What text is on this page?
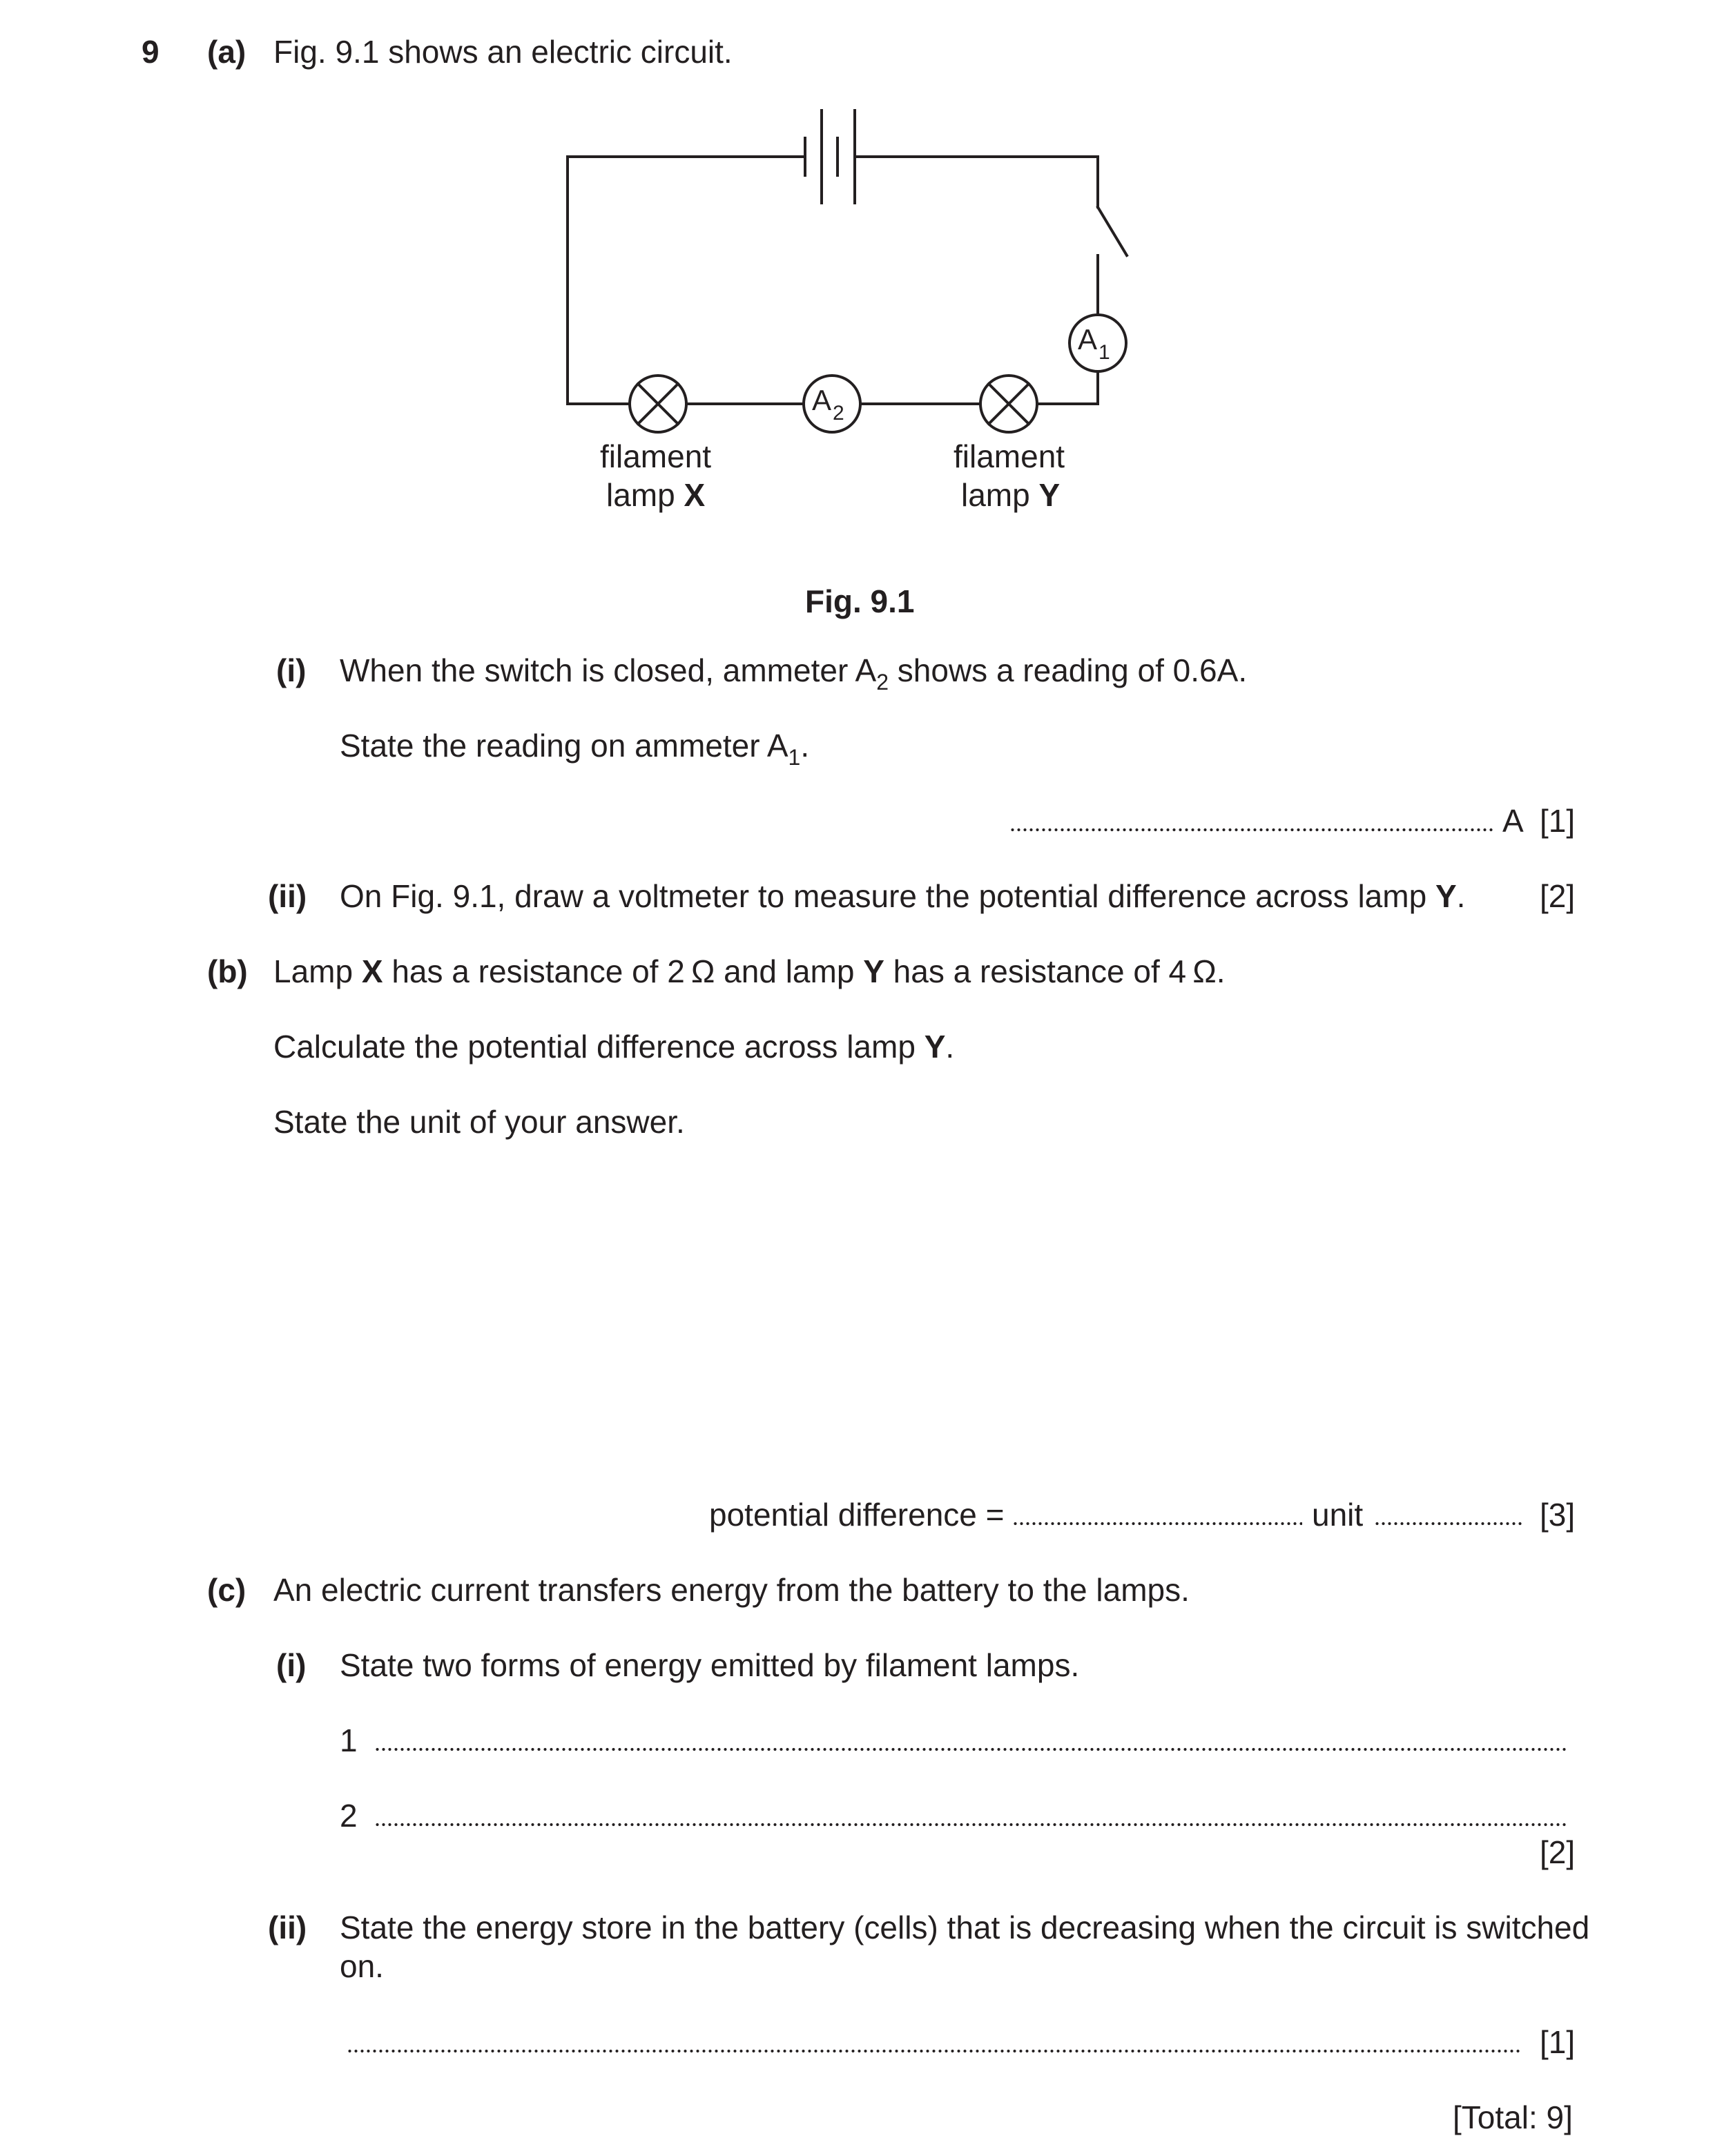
9 (a) Fig. 9.1 shows an electric circuit.
A 2
A 1
filament
lamp X
filament
lamp Y
Fig. 9.1
(i) When the switch is closed, ammeter $A_2$ shows a reading of 0.6A.
State the reading on ammeter $A_1$.
A [1]
(ii) On Fig. 9.1, draw a voltmeter to measure the potential difference across lamp Y. [2]
(b) Lamp X has a resistance of 2 Ω and lamp Y has a resistance of 4 Ω.
Calculate the potential difference across lamp Y.
State the unit of your answer.
potential difference =	unit	[3]
(c) An electric current transfers energy from the battery to the lamps.
(i) State two forms of energy emitted by filament lamps.
1
2
[2]
(ii) State the energy store in the battery (cells) that is decreasing when the circuit is switched
on.
[1]
[Total: 9]
